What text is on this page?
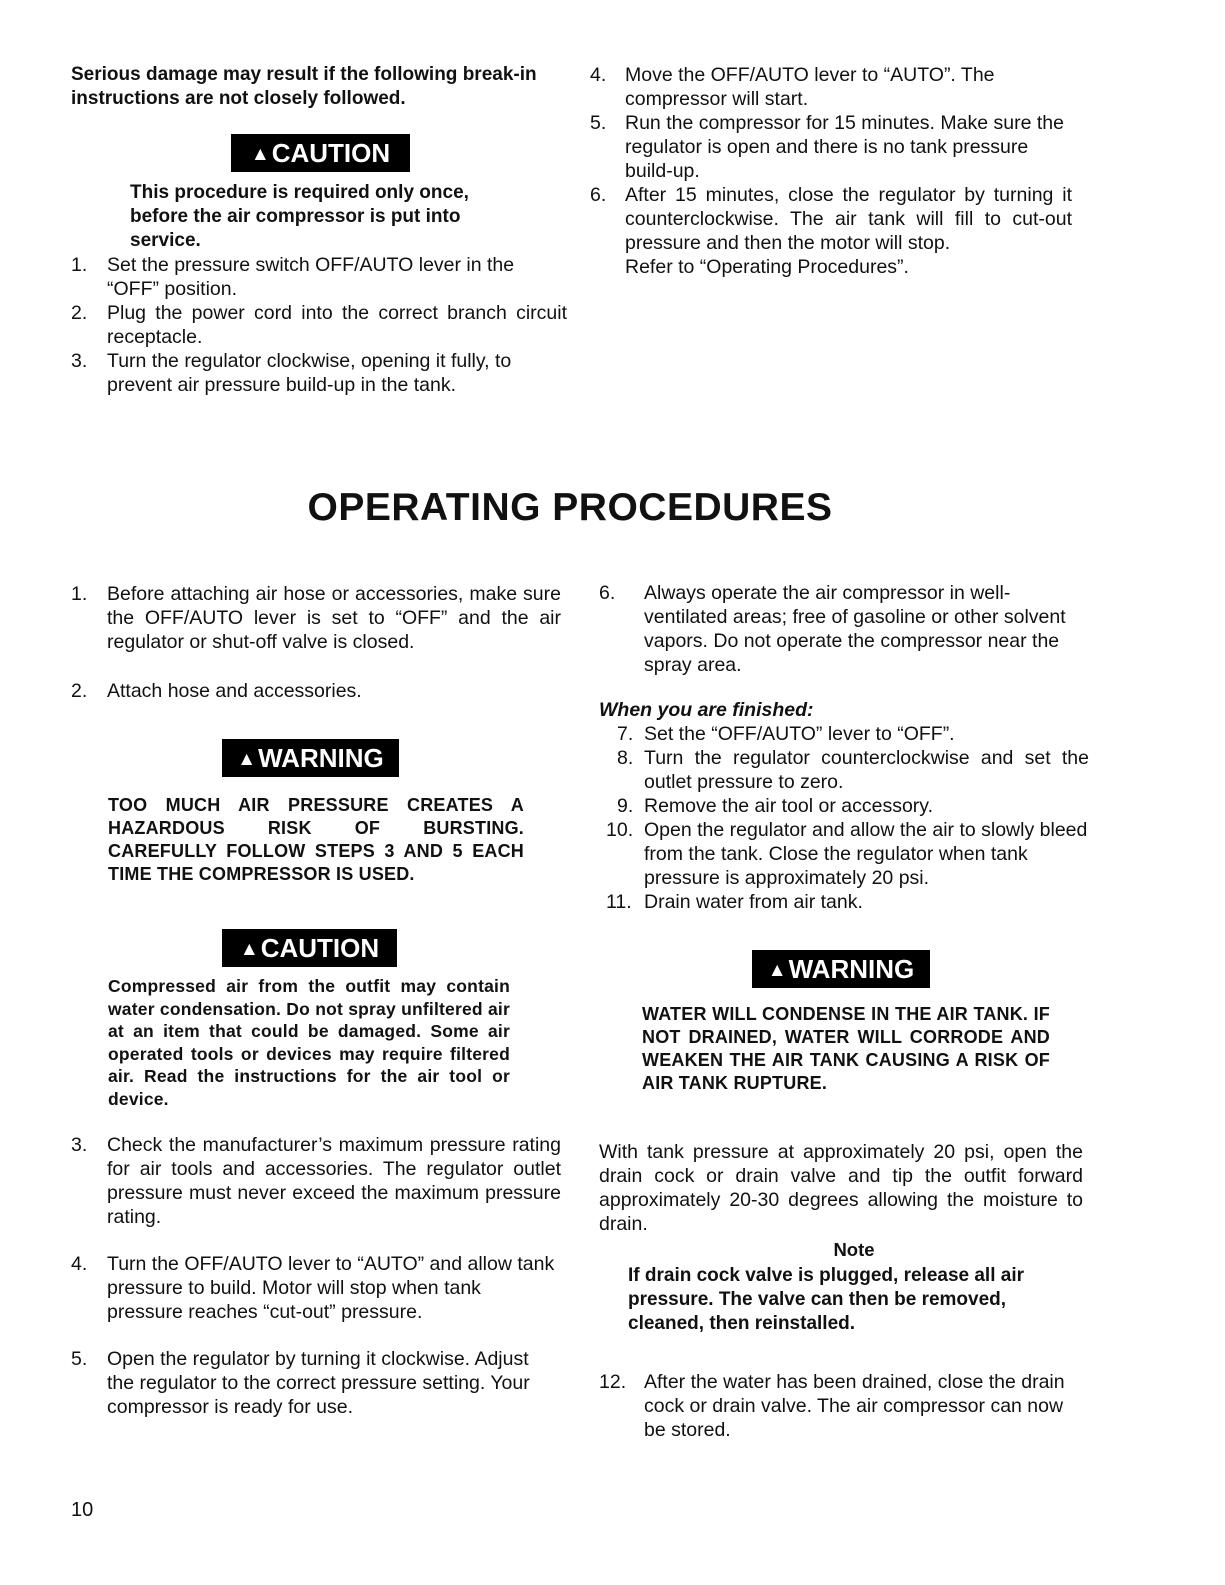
Serious damage may result if the following break-in instructions are not closely followed.
▲CAUTION
This procedure is required only once, before the air compressor is put into service.
1. Set the pressure switch OFF/AUTO lever in the “OFF” position.
2. Plug the power cord into the correct branch circuit receptacle.
3. Turn the regulator clockwise, opening it fully, to prevent air pressure build-up in the tank.
4. Move the OFF/AUTO lever to “AUTO”. The compressor will start.
5. Run the compressor for 15 minutes. Make sure the regulator is open and there is no tank pressure build-up.
6. After 15 minutes, close the regulator by turning it counterclockwise. The air tank will fill to cut-out pressure and then the motor will stop.
Refer to “Operating Procedures”.
OPERATING PROCEDURES
1. Before attaching air hose or accessories, make sure the OFF/AUTO lever is set to “OFF” and the air regulator or shut-off valve is closed.
2. Attach hose and accessories.
▲WARNING
TOO MUCH AIR PRESSURE CREATES A HAZARDOUS RISK OF BURSTING. CAREFULLY FOLLOW STEPS 3 AND 5 EACH TIME THE COMPRESSOR IS USED.
▲CAUTION
Compressed air from the outfit may contain water condensation. Do not spray unfiltered air at an item that could be damaged. Some air operated tools or devices may require filtered air. Read the instructions for the air tool or device.
3. Check the manufacturer’s maximum pressure rating for air tools and accessories. The regulator outlet pressure must never exceed the maximum pressure rating.
4. Turn the OFF/AUTO lever to “AUTO” and allow tank pressure to build. Motor will stop when tank pressure reaches “cut-out” pressure.
5. Open the regulator by turning it clockwise. Adjust the regulator to the correct pressure setting. Your compressor is ready for use.
6. Always operate the air compressor in well-ventilated areas; free of gasoline or other solvent vapors. Do not operate the compressor near the spray area.
When you are finished:
7. Set the “OFF/AUTO” lever to “OFF”.
8. Turn the regulator counterclockwise and set the outlet pressure to zero.
9. Remove the air tool or accessory.
10. Open the regulator and allow the air to slowly bleed from the tank. Close the regulator when tank pressure is approximately 20 psi.
11. Drain water from air tank.
▲WARNING
WATER WILL CONDENSE IN THE AIR TANK. IF NOT DRAINED, WATER WILL CORRODE AND WEAKEN THE AIR TANK CAUSING A RISK OF AIR TANK RUPTURE.
With tank pressure at approximately 20 psi, open the drain cock or drain valve and tip the outfit forward approximately 20-30 degrees allowing the moisture to drain.
Note
If drain cock valve is plugged, release all air pressure. The valve can then be removed, cleaned, then reinstalled.
12. After the water has been drained, close the drain cock or drain valve. The air compressor can now be stored.
10
